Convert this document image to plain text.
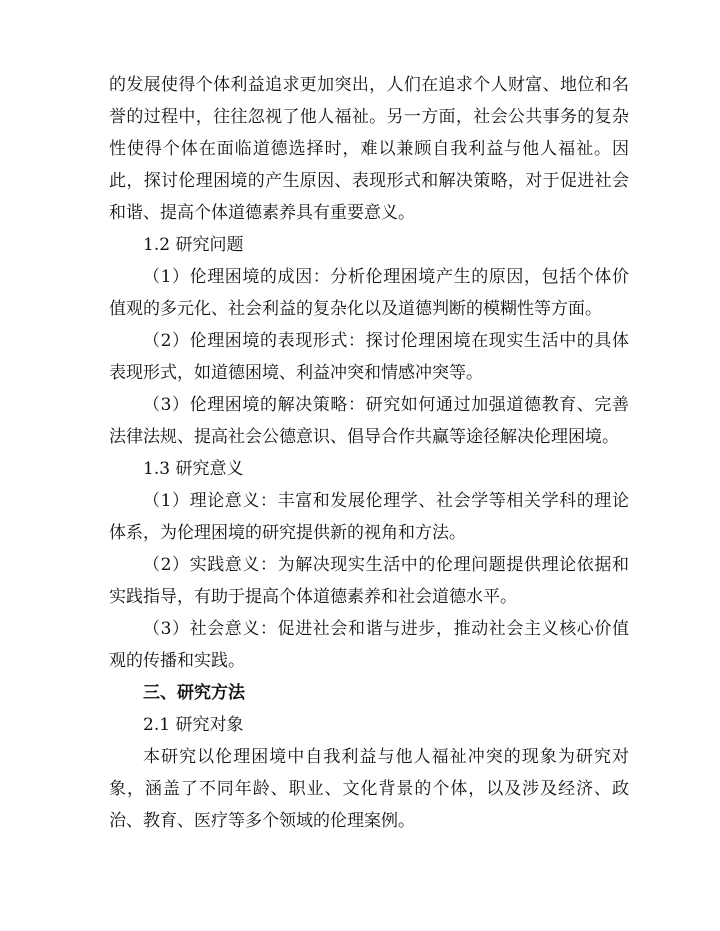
的发展使得个体利益追求更加突出，人们在追求个人财富、地位和名誉的过程中，往往忽视了他人福祉。另一方面，社会公共事务的复杂性使得个体在面临道德选择时，难以兼顾自我利益与他人福祉。因此，探讨伦理困境的产生原因、表现形式和解决策略，对于促进社会和谐、提高个体道德素养具有重要意义。

1.2 研究问题

（1）伦理困境的成因：分析伦理困境产生的原因，包括个体价值观的多元化、社会利益的复杂化以及道德判断的模糊性等方面。

（2）伦理困境的表现形式：探讨伦理困境在现实生活中的具体表现形式，如道德困境、利益冲突和情感冲突等。

（3）伦理困境的解决策略：研究如何通过加强道德教育、完善法律法规、提高社会公德意识、倡导合作共赢等途径解决伦理困境。

1.3 研究意义

（1）理论意义：丰富和发展伦理学、社会学等相关学科的理论体系，为伦理困境的研究提供新的视角和方法。

（2）实践意义：为解决现实生活中的伦理问题提供理论依据和实践指导，有助于提高个体道德素养和社会道德水平。

（3）社会意义：促进社会和谐与进步，推动社会主义核心价值观的传播和实践。

三、研究方法
2.1 研究对象

本研究以伦理困境中自我利益与他人福祉冲突的现象为研究对象，涵盖了不同年龄、职业、文化背景的个体，以及涉及经济、政治、教育、医疗等多个领域的伦理案例。
